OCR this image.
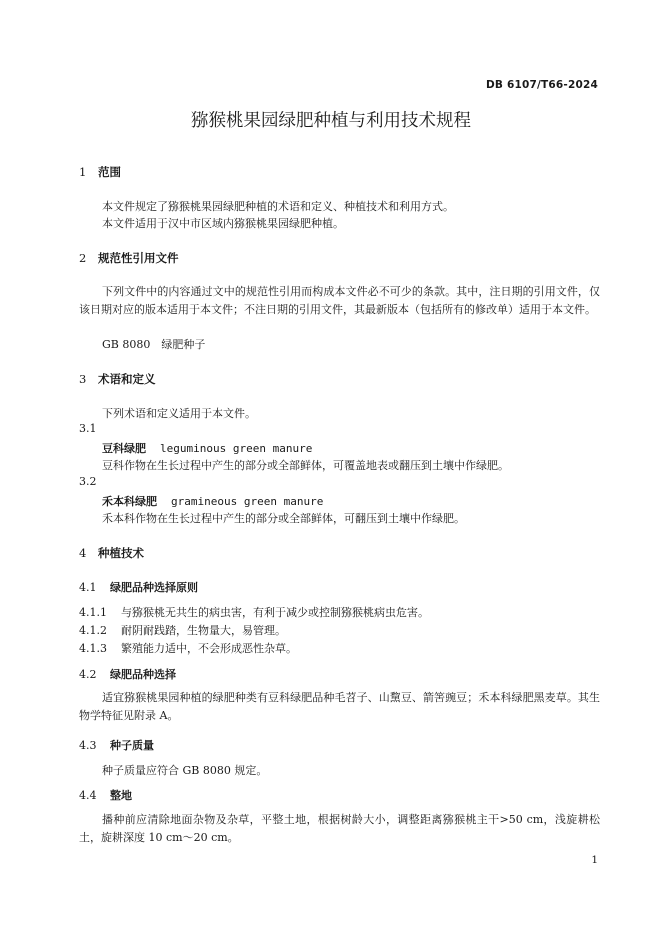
DB 6107/T66-2024
猕猴桃果园绿肥种植与利用技术规程
1 范围
本文件规定了猕猴桃果园绿肥种植的术语和定义、种植技术和利用方式。
本文件适用于汉中市区域内猕猴桃果园绿肥种植。
2 规范性引用文件
下列文件中的内容通过文中的规范性引用而构成本文件必不可少的条款。其中，注日期的引用文件，仅该日期对应的版本适用于本文件；不注日期的引用文件，其最新版本（包括所有的修改单）适用于本文件。
GB 8080　绿肥种子
3 术语和定义
下列术语和定义适用于本文件。
3.1
豆科绿肥 leguminous green manure
豆科作物在生长过程中产生的部分或全部鲜体，可覆盖地表或翻压到土壤中作绿肥。
3.2
禾本科绿肥 gramineous green manure
禾本科作物在生长过程中产生的部分或全部鲜体，可翻压到土壤中作绿肥。
4 种植技术
4.1 绿肥品种选择原则
4.1.1 与猕猴桃无共生的病虫害，有利于减少或控制猕猴桃病虫危害。
4.1.2 耐阴耐践踏，生物量大，易管理。
4.1.3 繁殖能力适中，不会形成恶性杂草。
4.2 绿肥品种选择
适宜猕猴桃果园种植的绿肥种类有豆科绿肥品种毛苕子、山黧豆、箭筈豌豆；禾本科绿肥黑麦草。其生物学特征见附录 A。
4.3 种子质量
种子质量应符合 GB 8080 规定。
4.4 整地
播种前应清除地面杂物及杂草，平整土地，根据树龄大小，调整距离猕猴桃主干>50 cm，浅旋耕松土，旋耕深度 10 cm～20 cm。
1
